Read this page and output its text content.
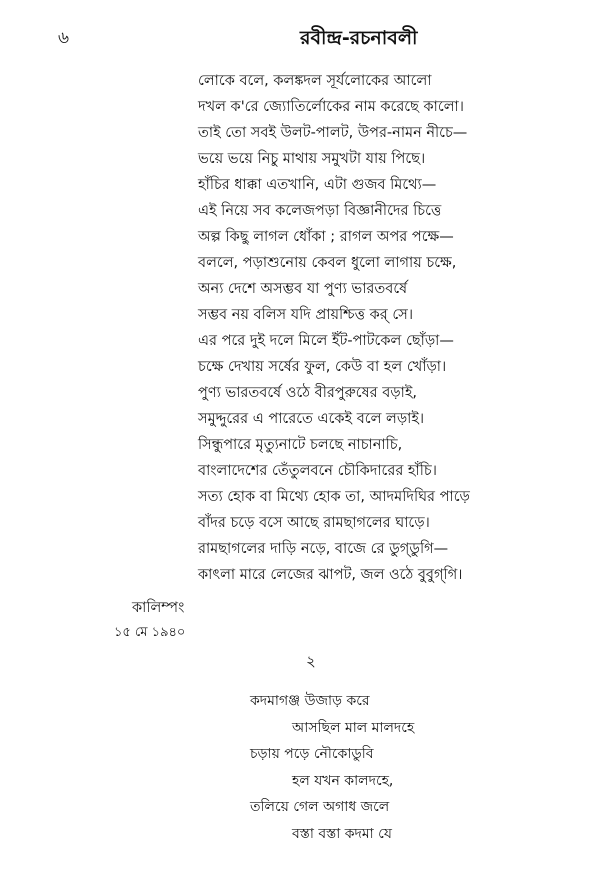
৬	রবীন্দ্র-রচনাবলী
লোকে বলে, কলঙ্কদল সূর্যলোকের আলো
দখল ক'রে জ্যোতির্লোকের নাম করেছে কালো।
তাই তো সবই উলট-পালট, উপর-নামন নীচে—
ভয়ে ভয়ে নিচু মাথায় সমুখটা যায় পিছে।
হাঁচির ধাক্কা এতখানি, এটা গুজব মিথ্যে—
এই নিয়ে সব কলেজপড়া বিজ্ঞানীদের চিত্তে
অল্প কিছু লাগল ধোঁকা ; রাগল অপর পক্ষে—
বললে, পড়াশুনোয় কেবল ধুলো লাগায় চক্ষে,
অন্য দেশে অসম্ভব যা পুণ্য ভারতবর্ষে
সম্ভব নয় বলিস যদি প্রায়শ্চিত্ত কর্ সে।
এর পরে দুই দলে মিলে ইঁট-পাটকেল ছোঁড়া—
চক্ষে দেখায় সর্ষের ফুল, কেউ বা হল খোঁড়া।
পুণ্য ভারতবর্ষে ওঠে বীরপুরুষের বড়াই,
সমুদ্দুরের এ পারেতে একেই বলে লড়াই।
সিন্ধুপারে মৃত্যুনাটে চলছে নাচানাচি,
বাংলাদেশের তেঁতুলবনে চৌকিদারের হাঁচি।
সত্য হোক বা মিথ্যে হোক তা, আদমদিঘির পাড়ে
বাঁদর চড়ে বসে আছে রামছাগলের ঘাড়ে।
রামছাগলের দাড়ি নড়ে, বাজে রে ডুগ্‌ডুগি—
কাৎলা মারে লেজের ঝাপট, জল ওঠে বুবুগ্‌গি।
কালিম্পং
১৫ মে ১৯৪০
২
কদমাগঞ্জ উজাড় করে
আসছিল মাল মালদহে
চড়ায় পড়ে নৌকোডুবি
হল যখন কালদহে,
তলিয়ে গেল অগাধ জলে
বস্তা বস্তা কদমা যে
